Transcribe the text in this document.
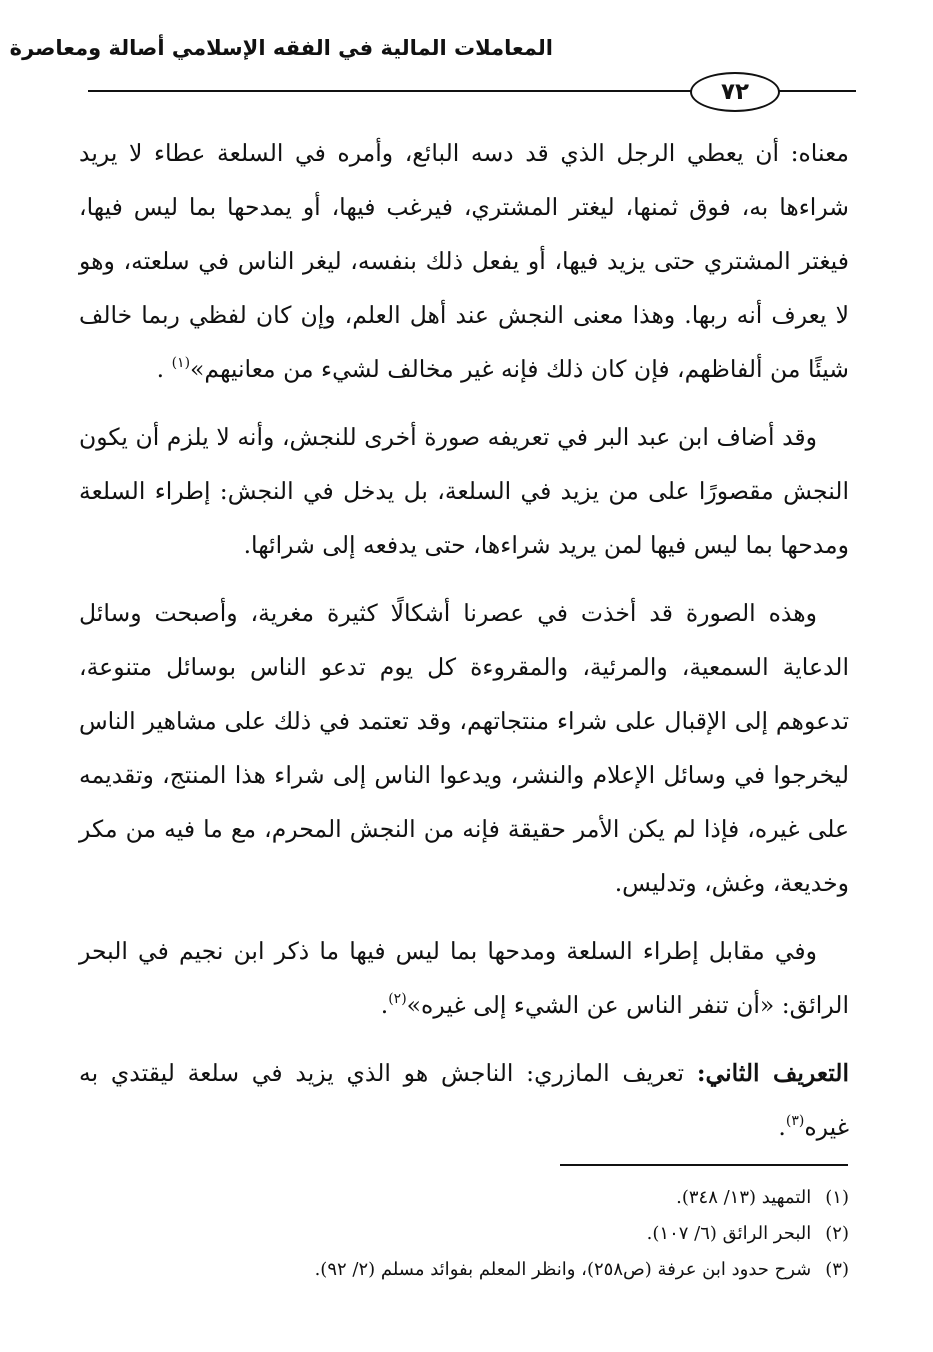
المعاملات المالية في الفقه الإسلامي أصالة ومعاصرة
٧٢

معناه: أن يعطي الرجل الذي قد دسه البائع، وأمره في السلعة عطاء لا يريد شراءها به، فوق ثمنها، ليغتر المشتري، فيرغب فيها، أو يمدحها بما ليس فيها، فيغتر المشتري حتى يزيد فيها، أو يفعل ذلك بنفسه، ليغر الناس في سلعته، وهو لا يعرف أنه ربها. وهذا معنى النجش عند أهل العلم، وإن كان لفظي ربما خالف شيئًا من ألفاظهم، فإن كان ذلك فإنه غير مخالف لشيء من معانيهم»$^{(١)}$ .

وقد أضاف ابن عبد البر في تعريفه صورة أخرى للنجش، وأنه لا يلزم أن يكون النجش مقصورًا على من يزيد في السلعة، بل يدخل في النجش: إطراء السلعة ومدحها بما ليس فيها لمن يريد شراءها، حتى يدفعه إلى شرائها.

وهذه الصورة قد أخذت في عصرنا أشكالًا كثيرة مغرية، وأصبحت وسائل الدعاية السمعية، والمرئية، والمقروءة كل يوم تدعو الناس بوسائل متنوعة، تدعوهم إلى الإقبال على شراء منتجاتهم، وقد تعتمد في ذلك على مشاهير الناس ليخرجوا في وسائل الإعلام والنشر، ويدعوا الناس إلى شراء هذا المنتج، وتقديمه على غيره، فإذا لم يكن الأمر حقيقة فإنه من النجش المحرم، مع ما فيه من مكر وخديعة، وغش، وتدليس.

وفي مقابل إطراء السلعة ومدحها بما ليس فيها ما ذكر ابن نجيم في البحر الرائق: «أن تنفر الناس عن الشيء إلى غيره»$^{(٢)}$.

التعريف الثاني: تعريف المازري: الناجش هو الذي يزيد في سلعة ليقتدي به غيره$^{(٣)}$.

(١)التمهيد (١٣/ ٣٤٨).
(٢)البحر الرائق (٦/ ١٠٧).
(٣)شرح حدود ابن عرفة (ص٢٥٨)، وانظر المعلم بفوائد مسلم (٢/ ٩٢).
